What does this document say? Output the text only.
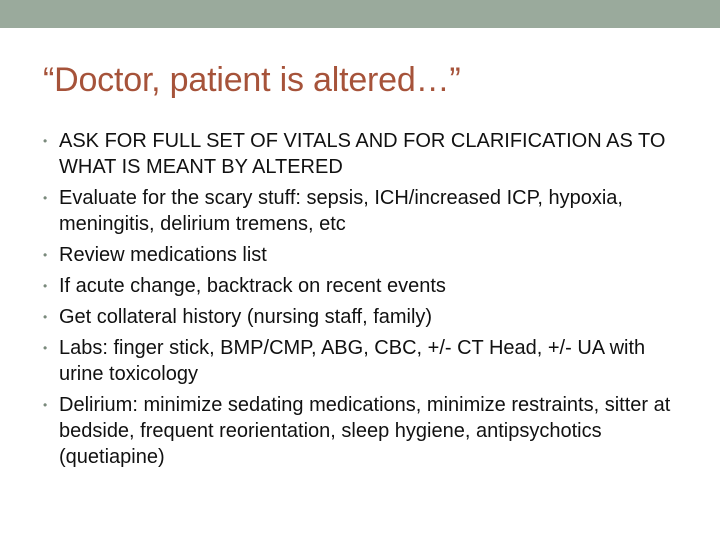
“Doctor, patient is altered…”
• ASK FOR FULL SET OF VITALS AND FOR CLARIFICATION AS TO WHAT IS MEANT BY ALTERED
• Evaluate for the scary stuff: sepsis, ICH/increased ICP, hypoxia, meningitis, delirium tremens, etc
• Review medications list
• If acute change, backtrack on recent events
• Get collateral history (nursing staff, family)
• Labs: finger stick, BMP/CMP, ABG, CBC, +/- CT Head, +/- UA with urine toxicology
• Delirium: minimize sedating medications, minimize restraints, sitter at bedside, frequent reorientation, sleep hygiene, antipsychotics (quetiapine)
